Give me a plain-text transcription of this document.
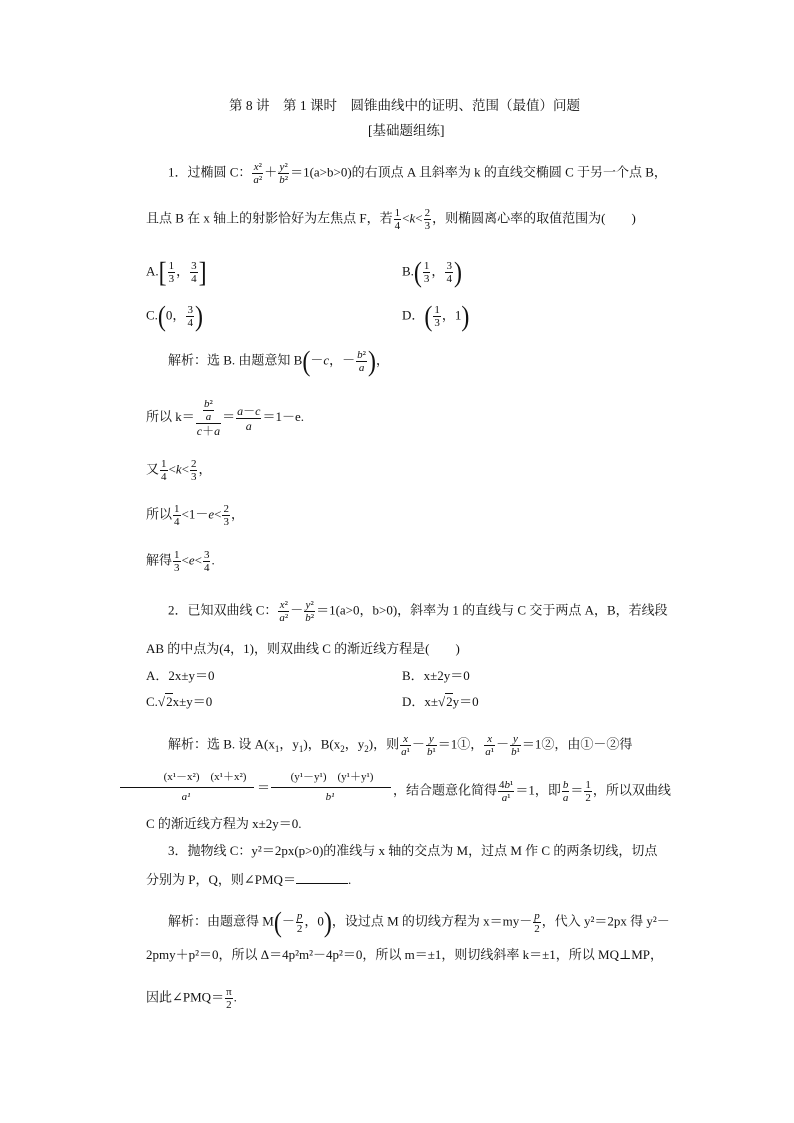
第 8 讲　第 1 课时　圆锥曲线中的证明、范围（最值）问题
[基础题组练]
1．过椭圆 C： $\frac{\text{x²}}{\text{a²}} + \frac{\text{y²}}{\text{b²}} =1(a>b>0)$的右顶点 A 且斜率为 k 的直线交椭圆 C 于另一个点 B，
且点 B 在 x 轴上的射影恰好为左焦点 F，若 $\frac{1}{4} <k< \frac{2}{3}$ ，则椭圆离心率的取值范围为(　　)
$A.[ \frac{1}{3}$ ， $\frac{3}{4}$ ]	$B.( \frac{1}{3}$ ， $\frac{3}{4}$ )
C.(0， $\frac{3}{4}$ )	D．( $\frac{1}{3}$ ，1)
解析：选 B. 由题意知 B(－c，－ $\frac{\text{b²}}{a}$ )，
所以 $k= \frac{\frac{\text{b²}}{a}}{c+a} = \frac{a-c}{a} =1-e$.
又 $\frac{1}{4} <k< \frac{2}{3}$ ，
所以 $\frac{1}{4} <1-e< \frac{2}{3}$ ，
解得 $\frac{1}{3} <e< \frac{3}{4}$ .
2．已知双曲线 C： $\frac{\text{x²}}{\text{a²}} - \frac{\text{y²}}{\text{b²}} =1(a>0$，b>0)，斜率为 1 的直线与 C 交于两点 A，B，若线段
AB 的中点为(4，1)，则双曲线 C 的渐近线方程是(　　)
A．2x±y＝0	B．x±2y＝0
C.√2x±y＝0	D．x±√2y＝0
解析：选 B. 设 $A(x_1$，$y_1$)，$B(x_2$，$y_2$)，则 $\frac{x}{\text{a¹}} - \frac{y}{\text{b¹}}$ ＝1①， $\frac{x}{\text{a¹}} - \frac{y}{\text{b¹}}$ ＝1②，由①－②得
(x¹－x²)　(x¹＋x²)
a¹
＝
(y¹－y¹)　(y¹＋y¹)
b¹	，结合题意化简得 $\frac{\text{4b¹}}{\text{a¹}} =1$，即 $\frac{b}{a} = \frac{1}{2}$ ，所以双曲线
C 的渐近线方程为 x±2y＝0.
3．抛物线 C：y²＝2px(p>0)的准线与 x 轴的交点为 M，过点 M 作 C 的两条切线，切点
分别为 P，Q，则∠PMQ＝	.
解析：由题意得 $M(- \frac{p}{2}$ ，0)，设过点 M 的切线方程为 $x=my- \frac{p}{2}$ ，代入 y²＝2px 得 y²－
2pmy＋p²＝0，所以 Δ＝4p²m²－4p²＝0，所以 m＝±1，则切线斜率 k＝±1，所以 MQ⊥MP，
因此∠PMQ＝ $\frac{\pi}{2}$ .
